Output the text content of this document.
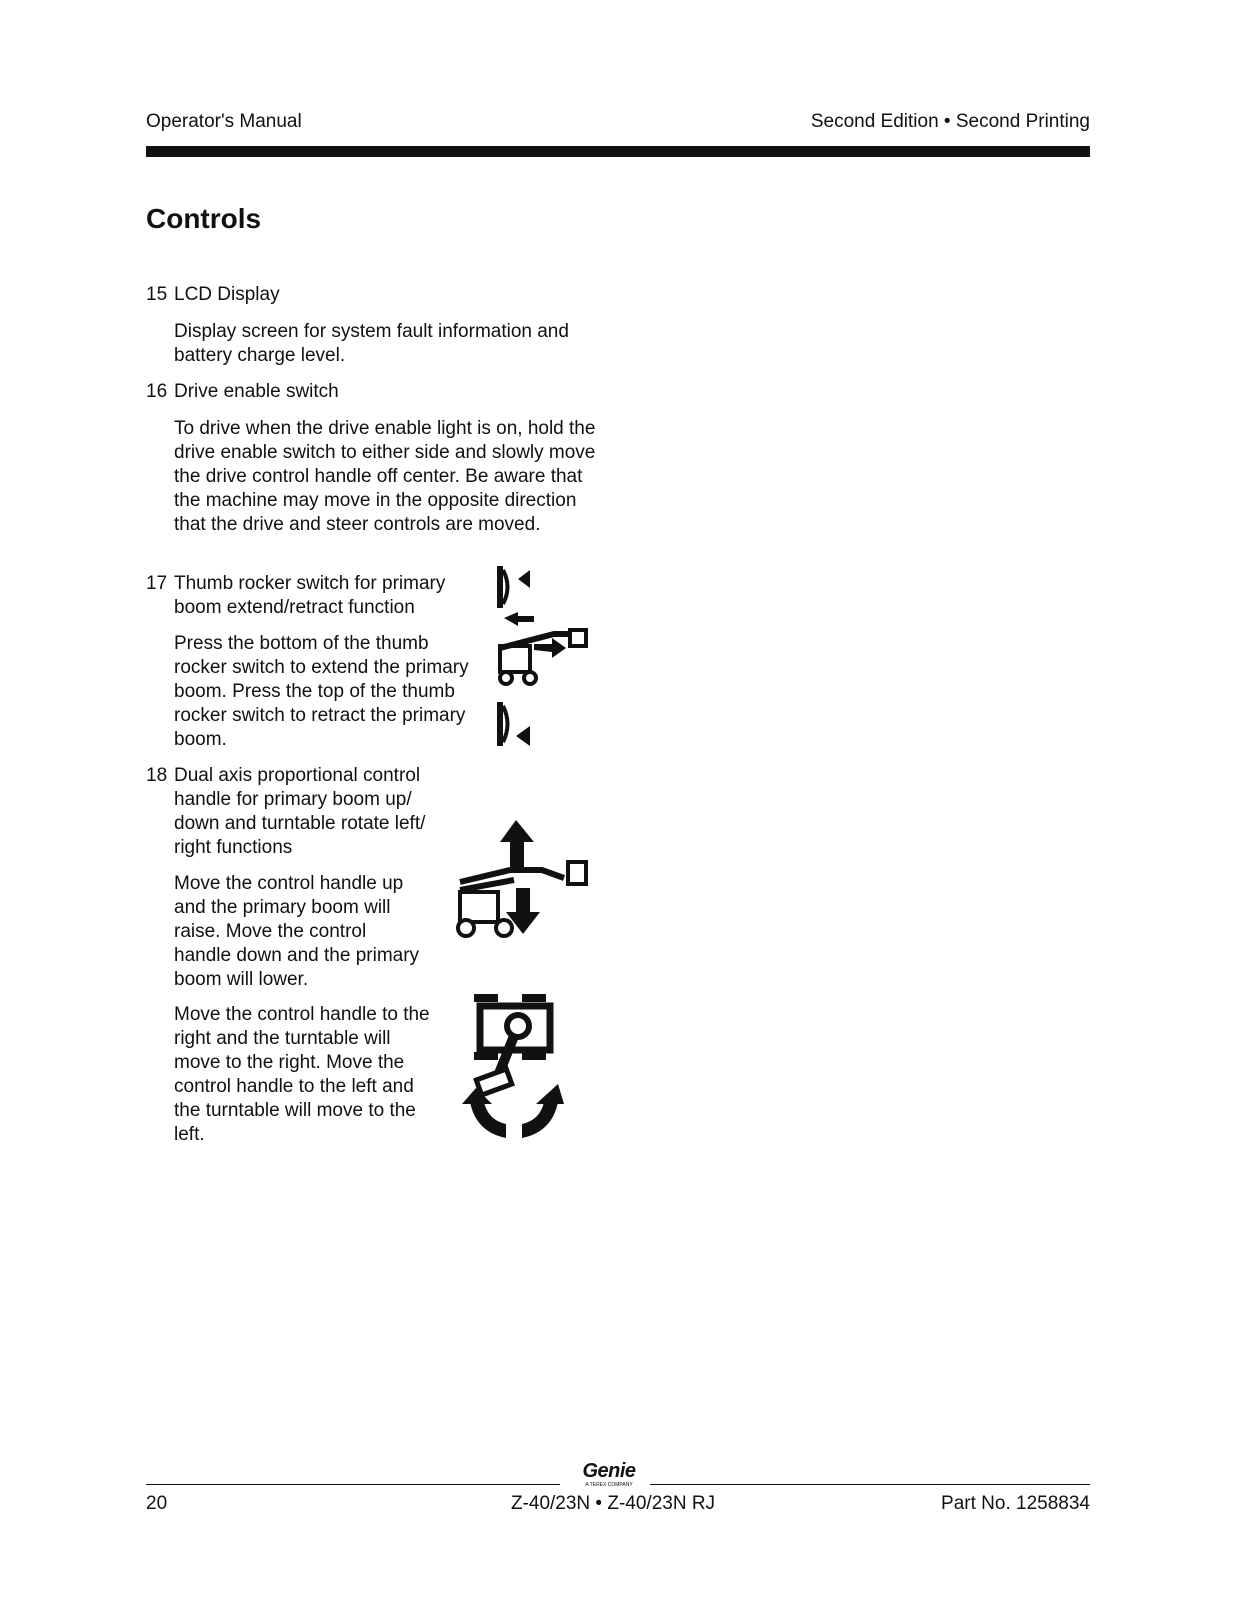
Operator's Manual	Second Edition • Second Printing
Controls
15 LCD Display
Display screen for system fault information and battery charge level.
16 Drive enable switch
To drive when the drive enable light is on, hold the drive enable switch to either side and slowly move the drive control handle off center. Be aware that the machine may move in the opposite direction that the drive and steer controls are moved.
17 Thumb rocker switch for primary
boom extend/retract function
Press the bottom of the thumb rocker switch to extend the primary boom. Press the top of the thumb rocker switch to retract the primary boom.
18 Dual axis proportional control
handle for primary boom up/
down and turntable rotate left/
right functions
Move the control handle up and the primary boom will raise. Move the control handle down and the primary boom will lower.
Move the control handle to the right and the turntable will move to the right. Move the control handle to the left and the turntable will move to the left.
Genie
A TEREX COMPANY
20	Z-40/23N • Z-40/23N RJ	Part No. 1258834
